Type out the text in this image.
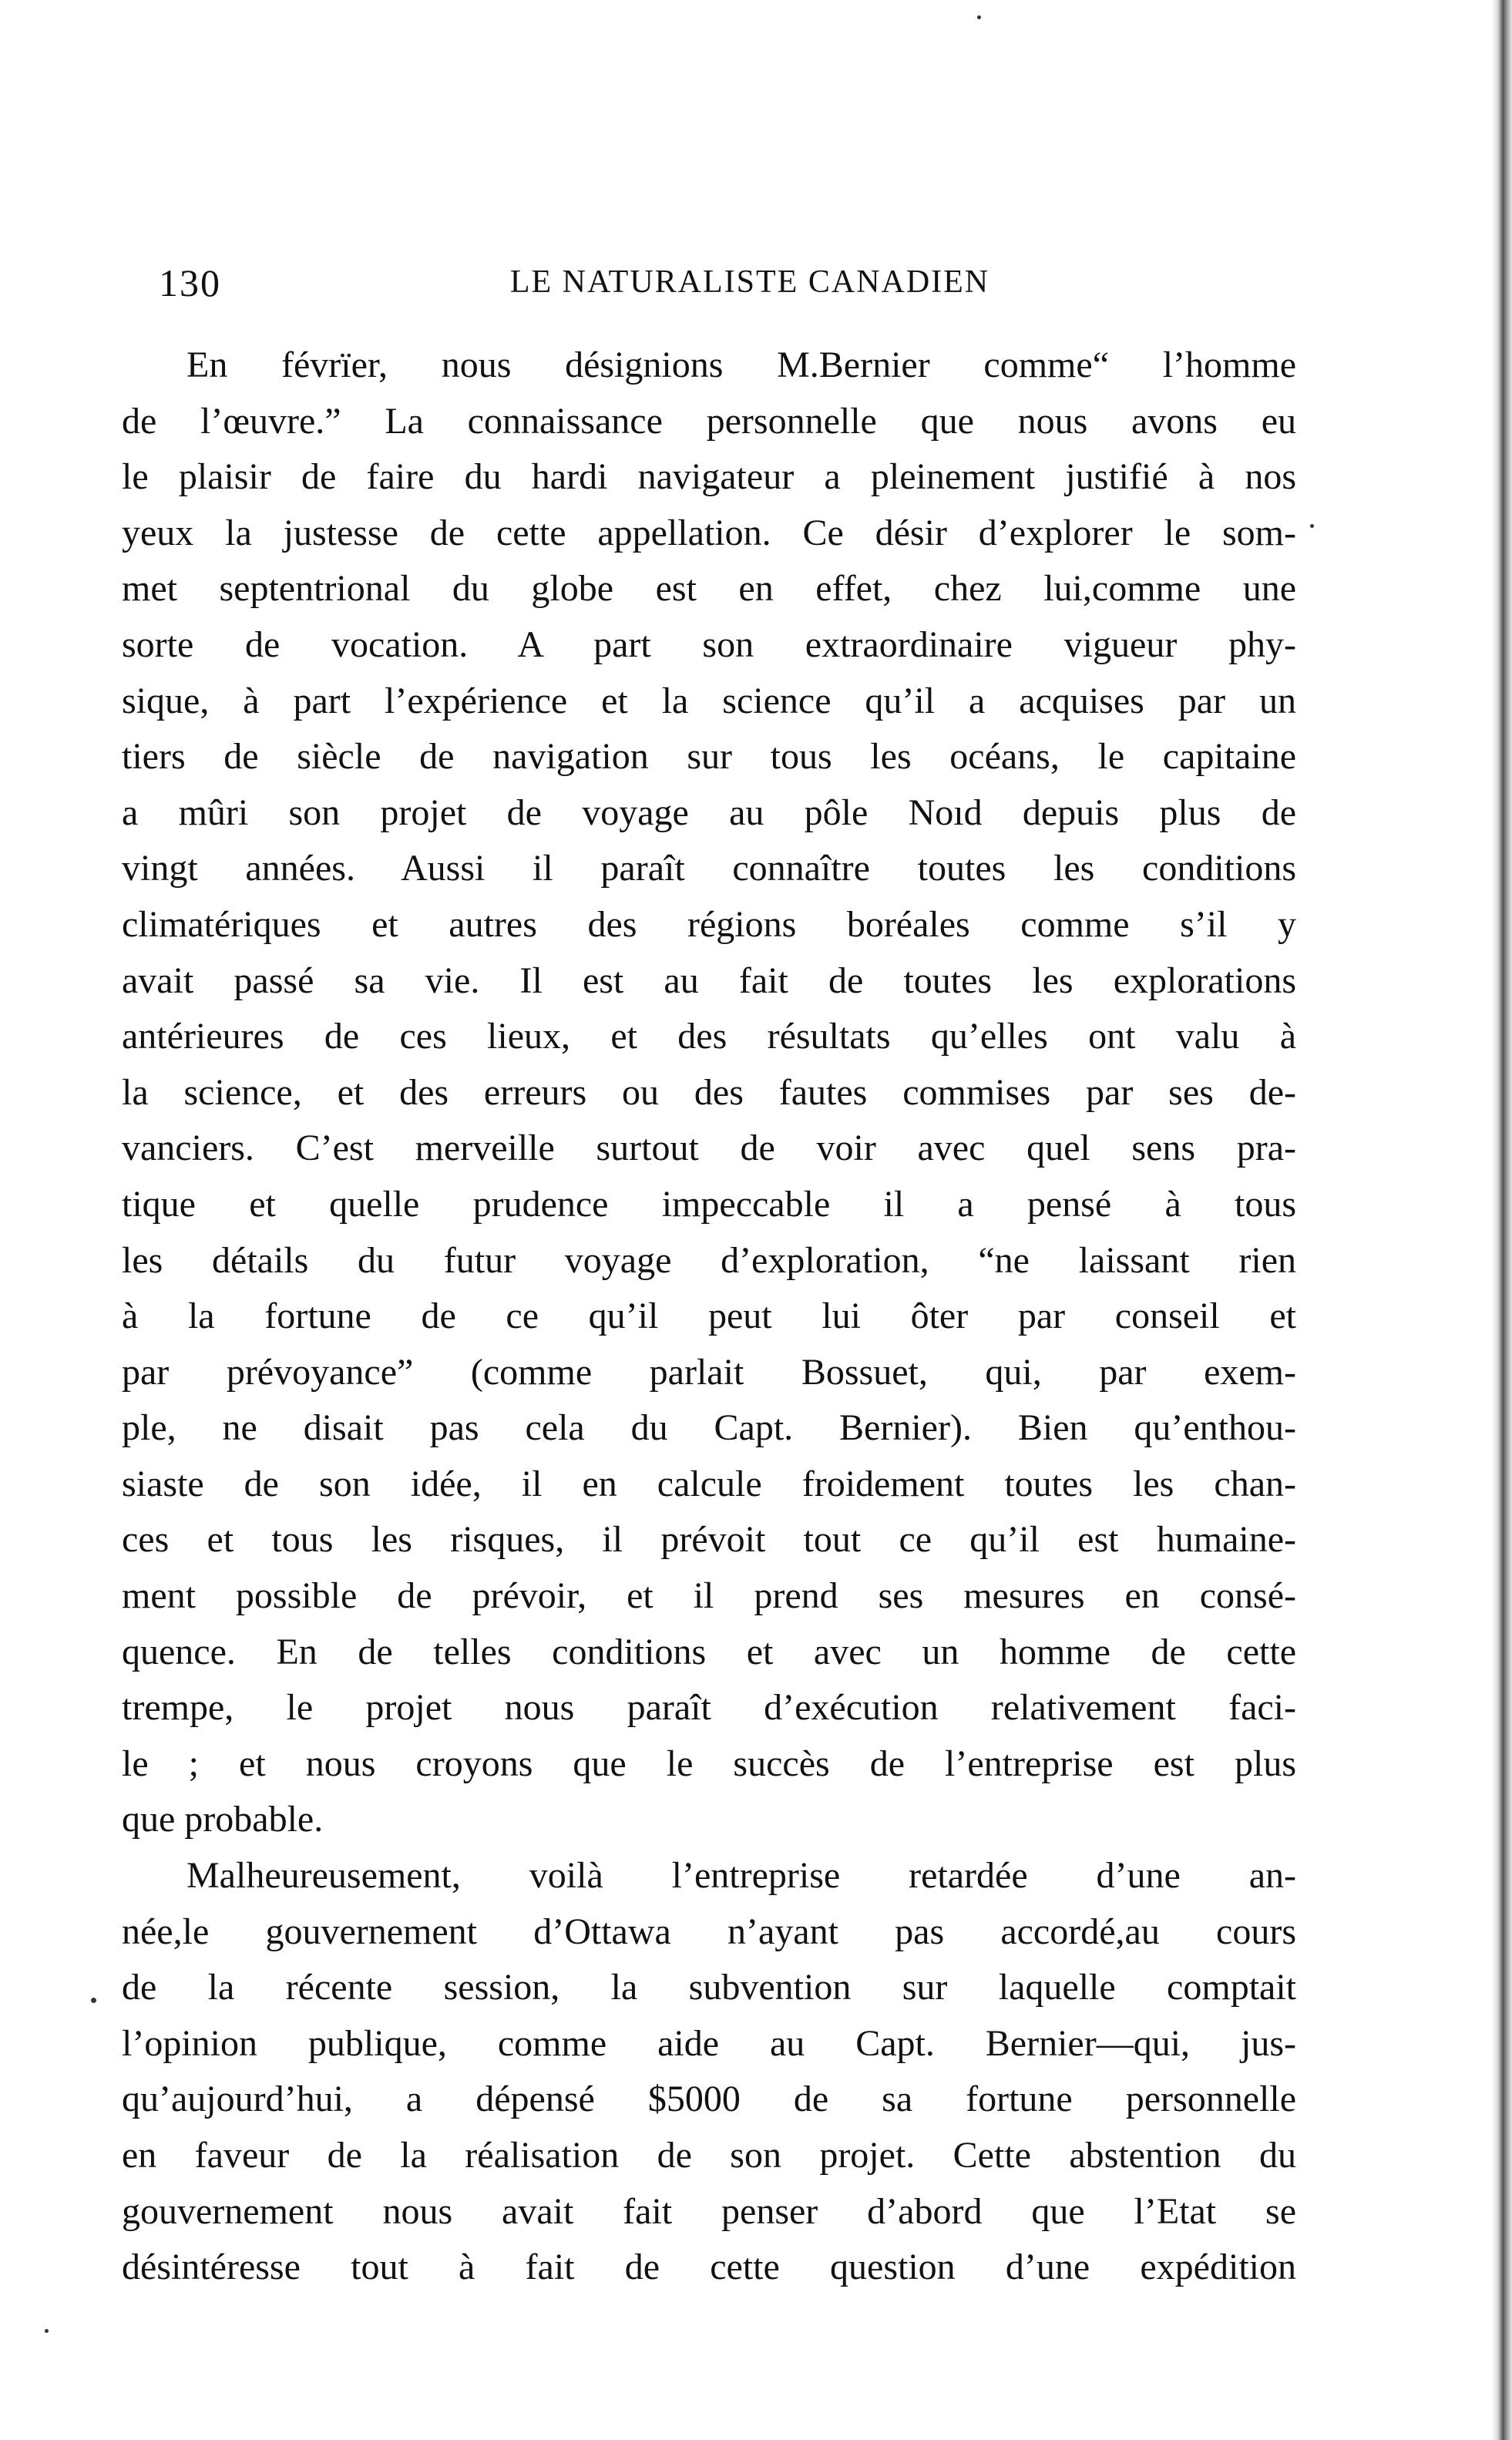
130	LE NATURALISTE CANADIEN
En févrïer, nous désignions M.Bernier comme“ l’homme
de l’œuvre.” La connaissance personnelle que nous avons eu
le plaisir de faire du hardi navigateur a pleinement justifié à nos
yeux la justesse de cette appellation. Ce désir d’explorer le som-
met septentrional du globe est en effet, chez lui,comme une
sorte de vocation. A part son extraordinaire vigueur phy-
sique, à part l’expérience et la science qu’il a acquises par un
tiers de siècle de navigation sur tous les océans, le capitaine
a mûri son projet de voyage au pôle Noıd depuis plus de
vingt années. Aussi il paraît connaître toutes les conditions
climatériques et autres des régions boréales comme s’il y
avait passé sa vie. Il est au fait de toutes les explorations
antérieures de ces lieux, et des résultats qu’elles ont valu à
la science, et des erreurs ou des fautes commises par ses de-
vanciers. C’est merveille surtout de voir avec quel sens pra-
tique et quelle prudence impeccable il a pensé à tous
les détails du futur voyage d’exploration, “ne laissant rien
à la fortune de ce qu’il peut lui ôter par conseil et
par prévoyance” (comme parlait Bossuet, qui, par exem-
ple, ne disait pas cela du Capt. Bernier). Bien qu’enthou-
siaste de son idée, il en calcule froidement toutes les chan-
ces et tous les risques, il prévoit tout ce qu’il est humaine-
ment possible de prévoir, et il prend ses mesures en consé-
quence. En de telles conditions et avec un homme de cette
trempe, le projet nous paraît d’exécution relativement faci-
le ; et nous croyons que le succès de l’entreprise est plus
que probable.
Malheureusement, voilà l’entreprise retardée d’une an-
née,le gouvernement d’Ottawa n’ayant pas accordé,au cours
de la récente session, la subvention sur laquelle comptait
l’opinion publique, comme aide au Capt. Bernier—qui, jus-
qu’aujourd’hui, a dépensé $5000 de sa fortune personnelle
en faveur de la réalisation de son projet. Cette abstention du
gouvernement nous avait fait penser d’abord que l’Etat se
désintéresse tout à fait de cette question d’une expédition
